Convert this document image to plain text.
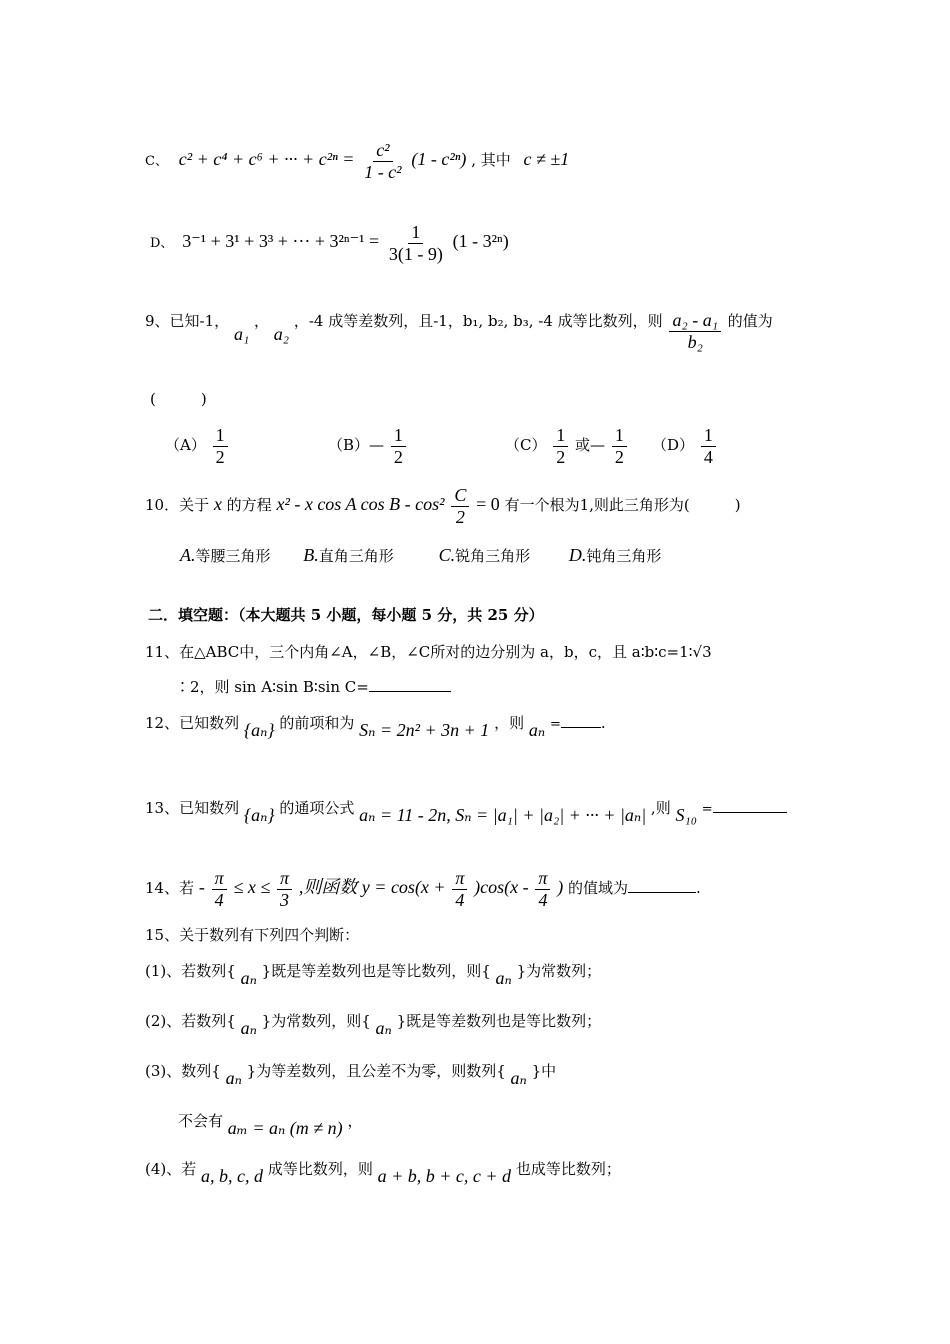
C、 c² + c⁴ + c⁶ + ··· + $c^{2n} = \frac{\text{c²}}{\text{1 - c²}} (1 - c^{2n})$ , 其中 c ≠ ±1
D、 3⁻¹ + 3¹ + 3³ + ··· + $3^{2n-1} = \frac{1}{3(1 - 9)} (1 - 3^{2n})$
9、已知-1， a₁ ， a₂ ，-4 成等差数列，且-1，b₁, b₂, b₃, -4 成等比数列，则 $\frac{\text{a₂ - a₁}}{\text{b₂}}$ 的值为
(　　　)
$(A) \frac{1}{2}$	（B）— $\frac{1}{2}$	$(C) \frac{1}{2}$ 或— $\frac{1}{2} (D) \frac{1}{4}$
10．关于 x 的方程 x² - x cos A $\cos B - \cos^2 \frac{C}{2} = 0$ 有一个根为1,则此三角形为(　　　)
A.等腰三角形 B.直角三角形 C.锐角三角形 D.钝角三角形
二．填空题：（本大题共 5 小题，每小题 5 分，共 25 分）
11、在△ABC中，三个内角∠A，∠B，∠C所对的边分别为 a，b，c，且 a∶b∶c=1∶√3
∶2，则 sin A∶sin B∶sin C=
12、已知数列 {aₙ} 的前项和为 Sₙ = 2n² + 3n + 1 ，则 aₙ =	.
13、已知数列 {aₙ} 的通项公式 aₙ = 11 - 2n, Sₙ = |a₁| + |a₂| + ··· + |aₙ| ,则 S₁₀ =
14、若 - $\frac{\pi}{4} \le x \le \frac{\pi}{3}$ ,则函数 $y = \cos(x + \frac{\pi}{4} )\cos(x - \frac{\pi}{4}$ ) 的值域为	.
15、关于数列有下列四个判断：
(1)、若数列{ aₙ }既是等差数列也是等比数列，则{ aₙ }为常数列；
(2)、若数列{ aₙ }为常数列，则{ aₙ }既是等差数列也是等比数列；
(3)、数列{ aₙ }为等差数列，且公差不为零，则数列{ aₙ }中
不会有 aₘ = aₙ (m ≠ n) ，
(4)、若 a, b, c, d 成等比数列，则 a + b, b + c, c + d 也成等比数列；
